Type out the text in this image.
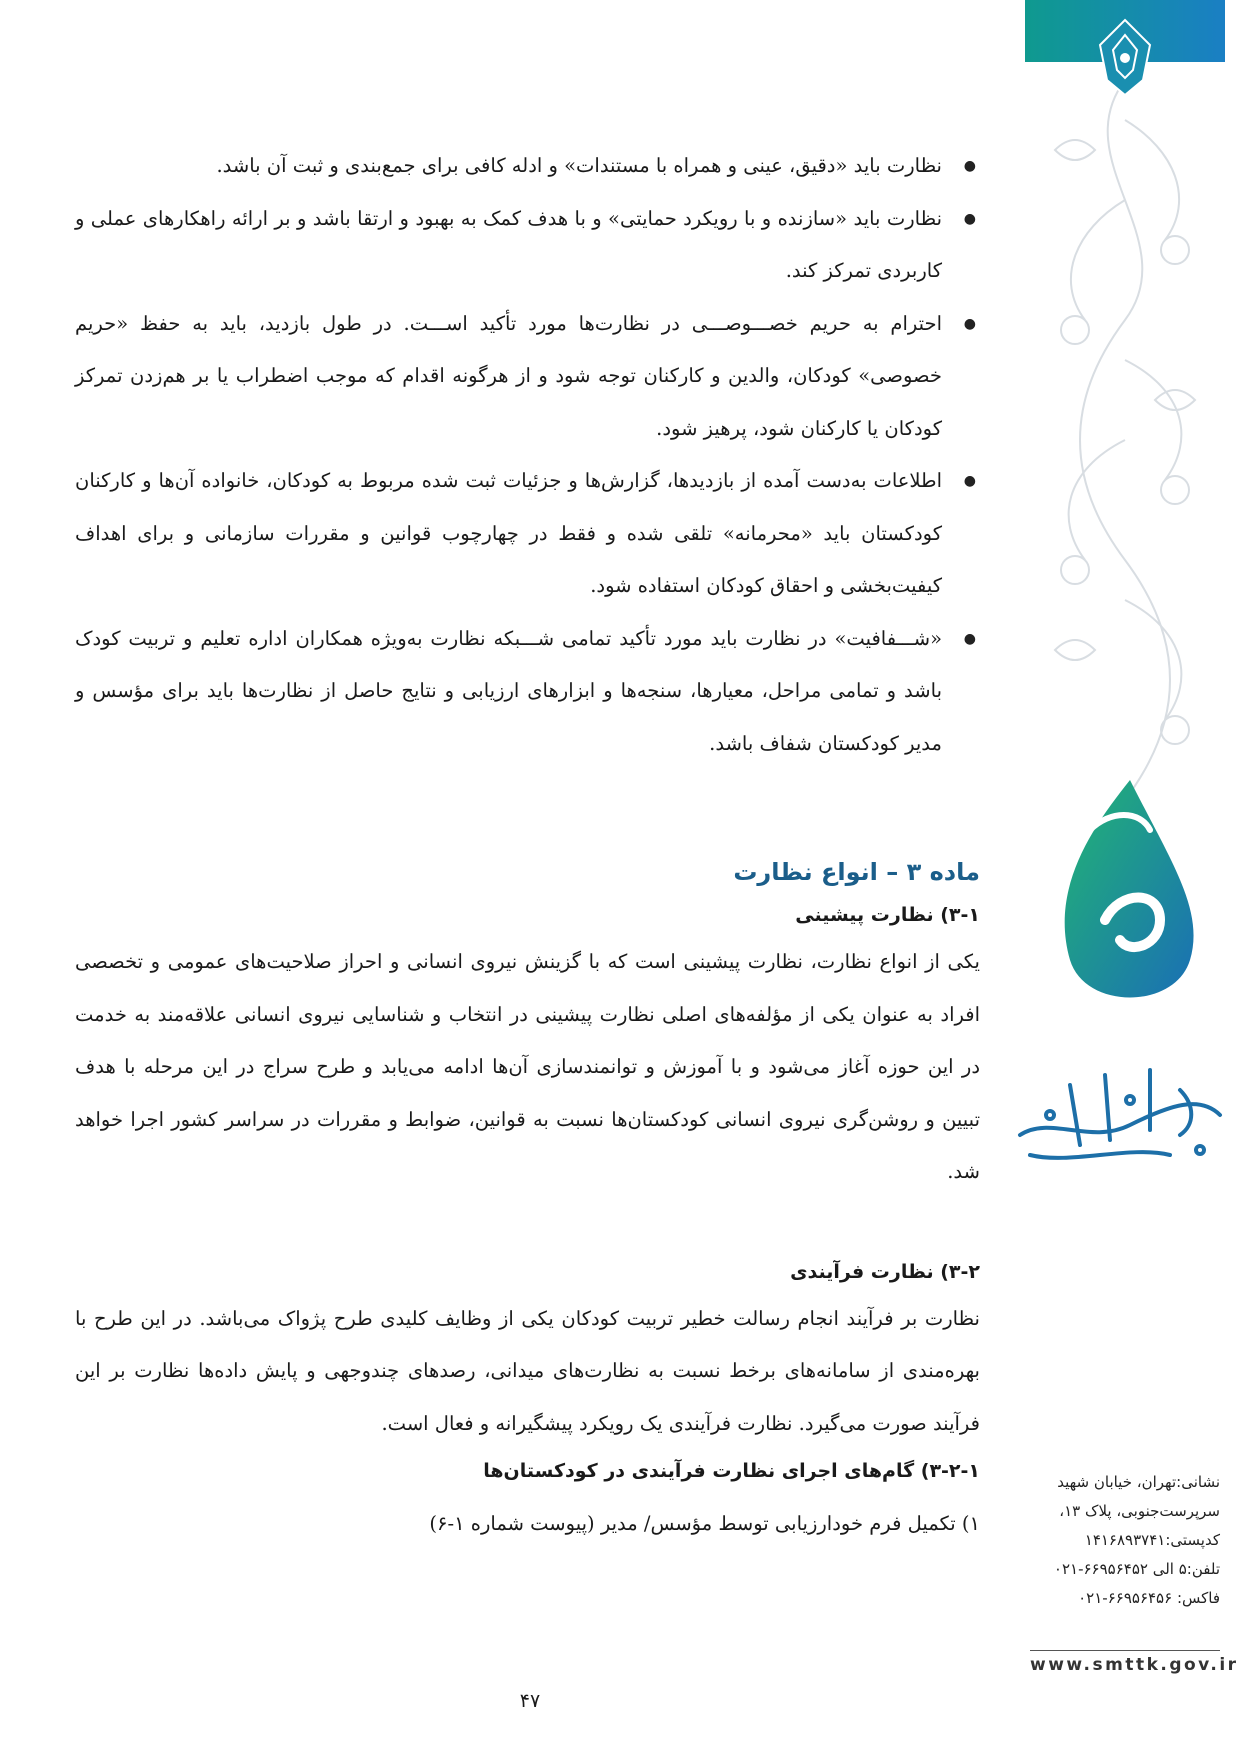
● نظارت باید «دقیق، عینی و همراه با مستندات» و ادله کافی برای جمع‌بندی و ثبت آن باشد.
● نظارت باید «سازنده و با رویکرد حمایتی» و با هدف کمک به بهبود و ارتقا باشد و بر ارائه راهکارهای عملی و کاربردی تمرکز کند.
● احترام به حریم خصـــوصـــی در نظارت‌ها مورد تأکید اســـت. در طول بازدید، باید به حفظ «حریم خصوصی» کودکان، والدین و کارکنان توجه شود و از هرگونه اقدام که موجب اضطراب یا بر هم‌زدن تمرکز کودکان یا کارکنان شود، پرهیز شود.
● اطلاعات به‌دست آمده از بازدیدها، گزارش‌ها و جزئیات ثبت شده مربوط به کودکان، خانواده آن‌ها و کارکنان کودکستان باید «محرمانه» تلقی شده و فقط در چهارچوب قوانین و مقررات سازمانی و برای اهداف کیفیت‌بخشی و احقاق کودکان استفاده شود.
● «شـــفافیت» در نظارت باید مورد تأکید تمامی شـــبکه نظارت به‌ویژه همکاران اداره تعلیم و تربیت کودک باشد و تمامی مراحل، معیارها، سنجه‌ها و ابزارهای ارزیابی و نتایج حاصل از نظارت‌ها باید برای مؤسس و مدیر کودکستان شفاف باشد.
ماده ۳ – انواع نظارت
۳-۱) نظارت پیشینی

یکی از انواع نظارت، نظارت پیشینی است که با گزینش نیروی انسانی و احراز صلاحیت‌های عمومی و تخصصی افراد به عنوان یکی از مؤلفه‌های اصلی نظارت پیشینی در انتخاب و شناسایی نیروی انسانی علاقه‌مند به خدمت در این حوزه آغاز می‌شود و با آموزش و توانمندسازی آن‌ها ادامه می‌یابد و طرح سراج در این مرحله با هدف تبیین و روشن‌گری نیروی انسانی کودکستان‌ها نسبت به قوانین، ضوابط و مقررات در سراسر کشور اجرا خواهد شد.

۳-۲) نظارت فرآیندی

نظارت بر فرآیند انجام رسالت خطیر تربیت کودکان یکی از وظایف کلیدی طرح پژواک می‌باشد. در این طرح با بهره‌مندی از سامانه‌های برخط نسبت به نظارت‌های میدانی، رصدهای چندوجهی و پایش داده‌ها نظارت بر این فرآیند صورت می‌گیرد. نظارت فرآیندی یک رویکرد پیشگیرانه و فعال است.

۳-۲-۱) گام‌های اجرای نظارت فرآیندی در کودکستان‌ها

۱) تکمیل فرم خودارزیابی توسط مؤسس/ مدیر (پیوست شماره ۱-۶)

نشانی:تهران، خیابان شهید
سرپرست‌جنوبی، پلاک ۱۳،
کدپستی:۱۴۱۶۸۹۳۷۴۱
تلفن:۵ الی ۶۶۹۵۶۴۵۲-۰۲۱
فاکس: ۶۶۹۵۶۴۵۶-۰۲۱
www.smttk.gov.ir
۴۷
